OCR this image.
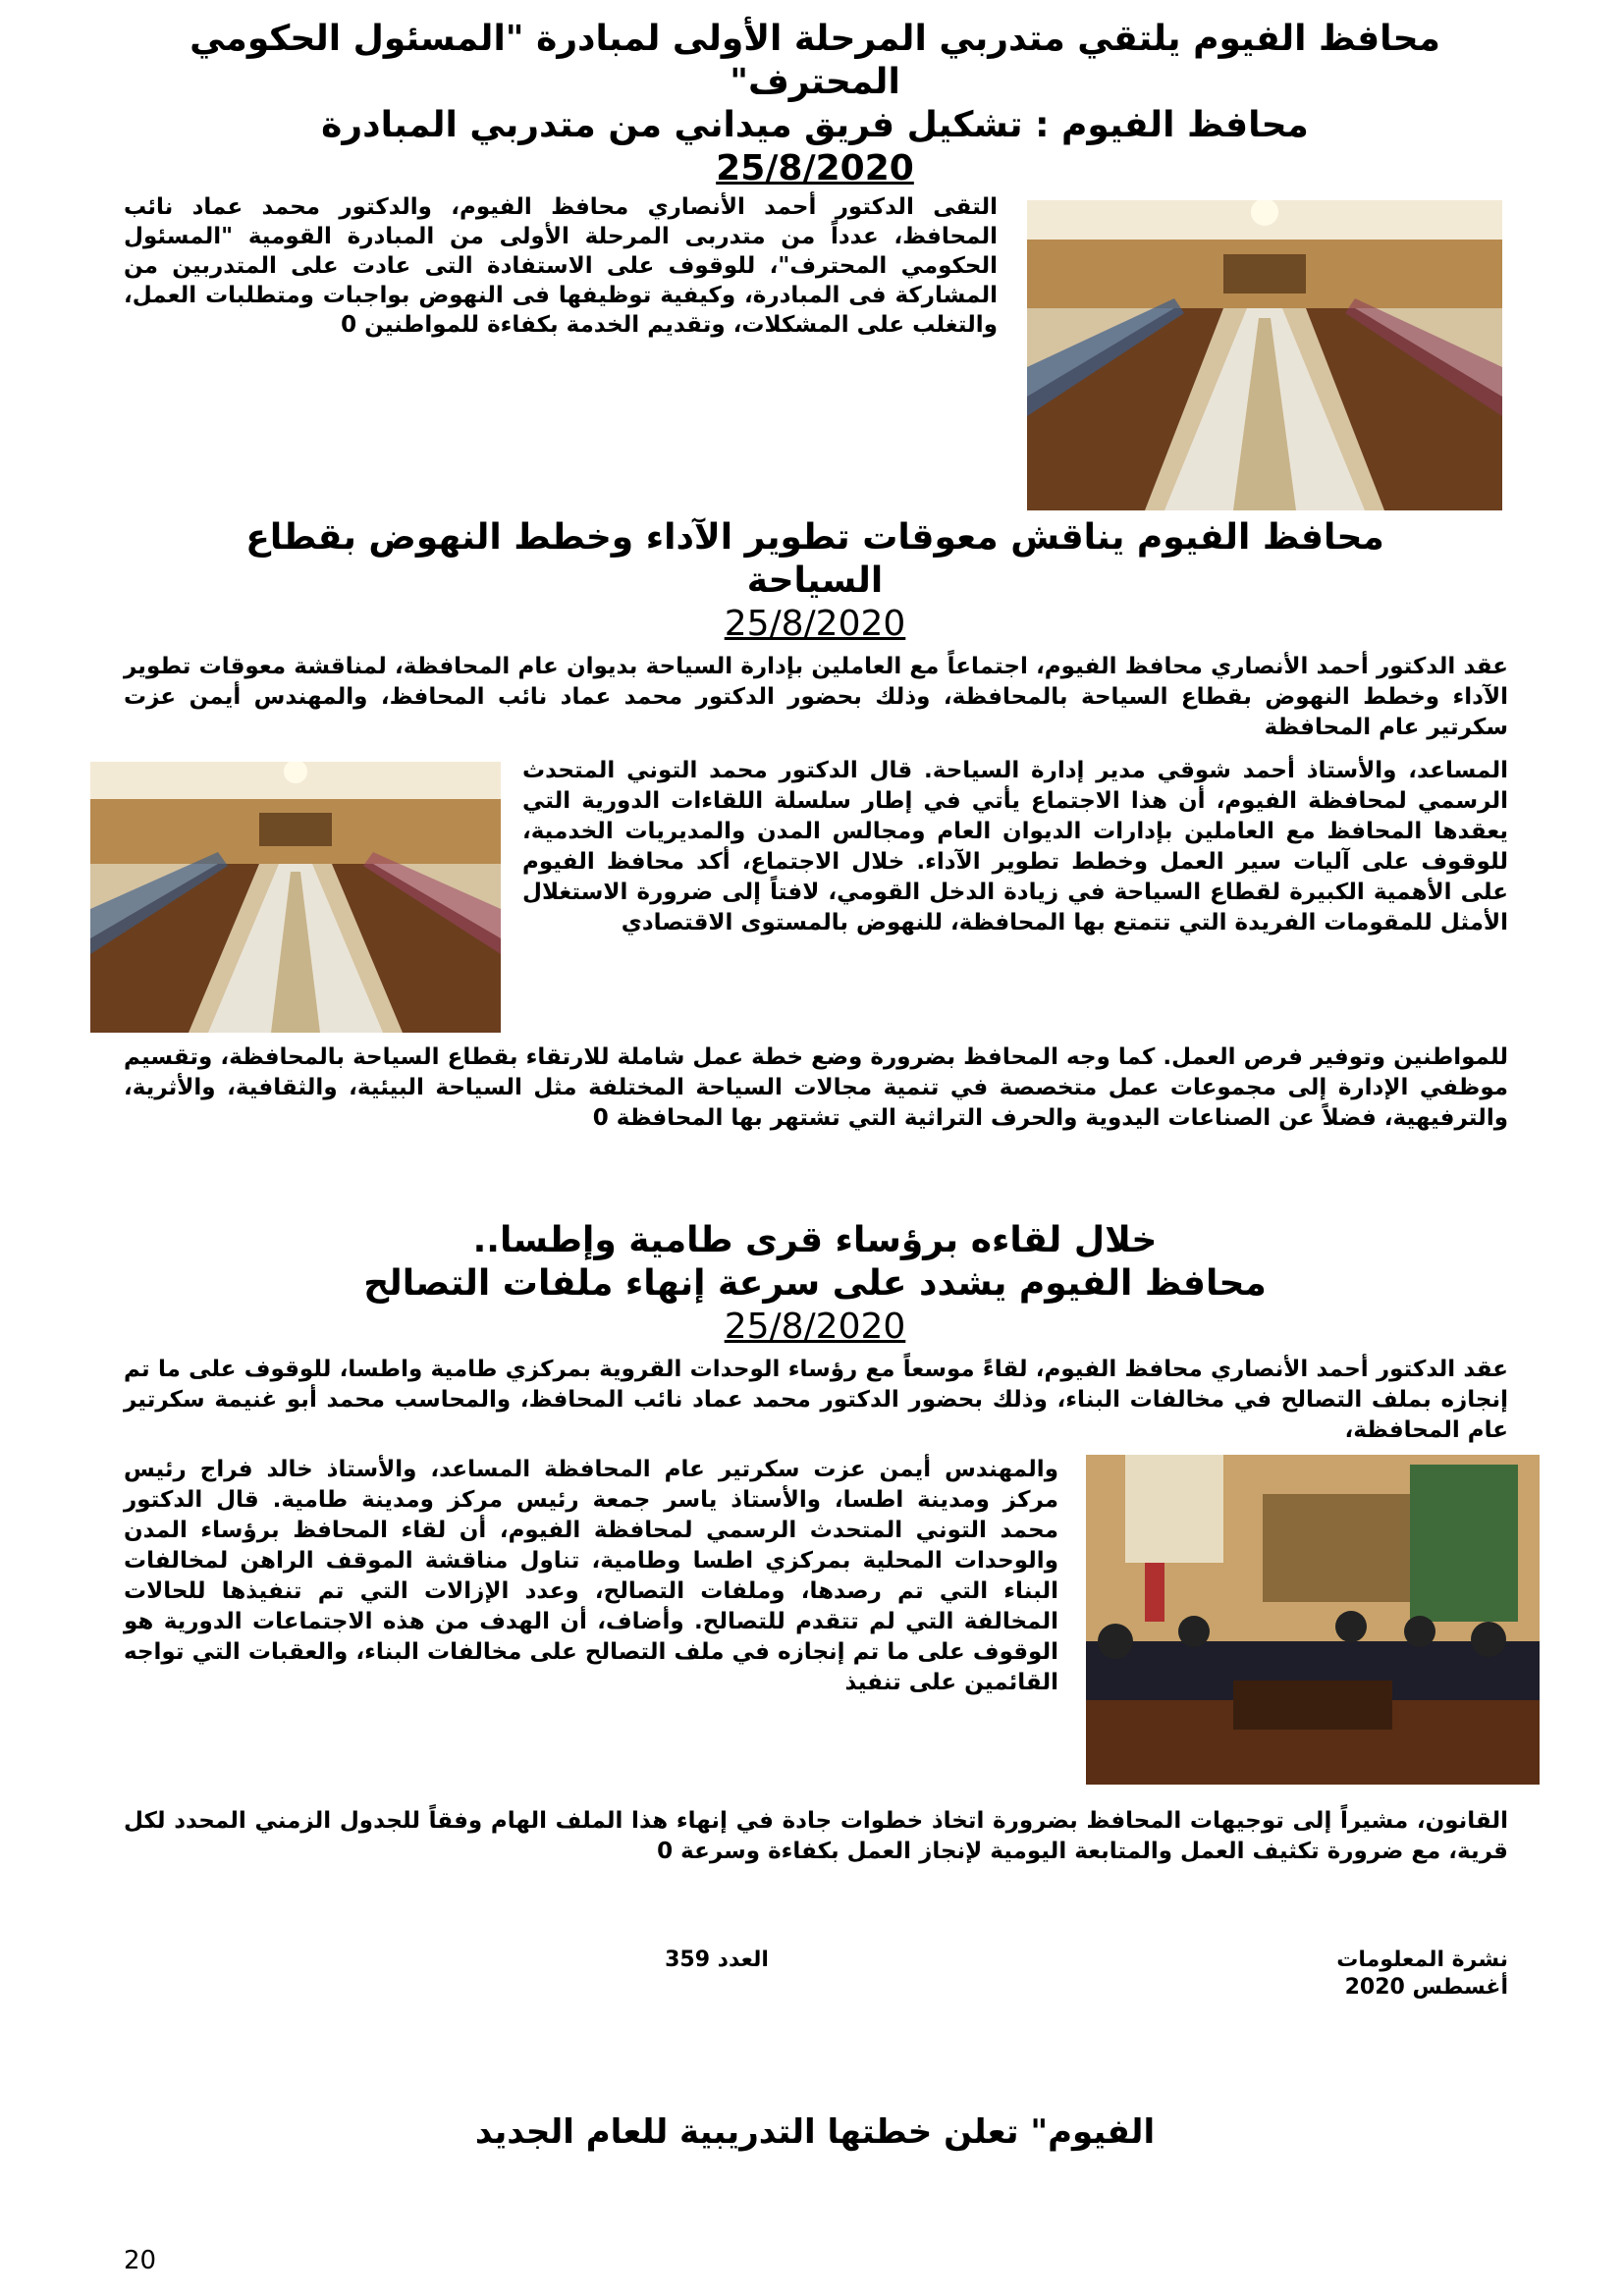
محافظ الفيوم يلتقي متدربي المرحلة الأولى لمبادرة "المسئول الحكومي المحترف"
محافظ الفيوم : تشكيل فريق ميداني من متدربي المبادرة
25/8/2020

التقى الدكتور أحمد الأنصاري محافظ الفيوم، والدكتور محمد عماد نائب المحافظ، عدداً من متدربى المرحلة الأولى من المبادرة القومية "المسئول الحكومي المحترف"، للوقوف على الاستفادة التى عادت على المتدربين من المشاركة فى المبادرة، وكيفية توظيفها فى النهوض بواجبات ومتطلبات العمل، والتغلب على المشكلات، وتقديم الخدمة بكفاءة للمواطنين 0

محافظ الفيوم يناقش معوقات تطوير الآداء وخطط النهوض بقطاع السياحة
25/8/2020

عقد الدكتور أحمد الأنصاري محافظ الفيوم، اجتماعاً مع العاملين بإدارة السياحة بديوان عام المحافظة، لمناقشة معوقات تطوير الآداء وخطط النهوض بقطاع السياحة بالمحافظة، وذلك بحضور الدكتور محمد عماد نائب المحافظ، والمهندس أيمن عزت سكرتير عام المحافظة

المساعد، والأستاذ أحمد شوقي مدير إدارة السياحة. قال الدكتور محمد التوني المتحدث الرسمي لمحافظة الفيوم، أن هذا الاجتماع يأتي في إطار سلسلة اللقاءات الدورية التي يعقدها المحافظ مع العاملين بإدارات الديوان العام ومجالس المدن والمديريات الخدمية، للوقوف على آليات سير العمل وخطط تطوير الآداء. خلال الاجتماع، أكد محافظ الفيوم على الأهمية الكبيرة لقطاع السياحة في زيادة الدخل القومي، لافتاً إلى ضرورة الاستغلال الأمثل للمقومات الفريدة التي تتمتع بها المحافظة، للنهوض بالمستوى الاقتصادي

للمواطنين وتوفير فرص العمل. كما وجه المحافظ بضرورة وضع خطة عمل شاملة للارتقاء بقطاع السياحة بالمحافظة، وتقسيم موظفي الإدارة إلى مجموعات عمل متخصصة في تنمية مجالات السياحة المختلفة مثل السياحة البيئية، والثقافية، والأثرية، والترفيهية، فضلاً عن الصناعات اليدوية والحرف التراثية التي تشتهر بها المحافظة 0

خلال لقاءه برؤساء قرى طامية وإطسا..
محافظ الفيوم يشدد على سرعة إنهاء ملفات التصالح
25/8/2020

عقد الدكتور أحمد الأنصاري محافظ الفيوم، لقاءً موسعاً مع رؤساء الوحدات القروية بمركزي طامية واطسا، للوقوف على ما تم إنجازه بملف التصالح في مخالفات البناء، وذلك بحضور الدكتور محمد عماد نائب المحافظ، والمحاسب محمد أبو غنيمة سكرتير عام المحافظة،

والمهندس أيمن عزت سكرتير عام المحافظة المساعد، والأستاذ خالد فراج رئيس مركز ومدينة اطسا، والأستاذ ياسر جمعة رئيس مركز ومدينة طامية. قال الدكتور محمد التوني المتحدث الرسمي لمحافظة الفيوم، أن لقاء المحافظ برؤساء المدن والوحدات المحلية بمركزي اطسا وطامية، تناول مناقشة الموقف الراهن لمخالفات البناء التي تم رصدها، وملفات التصالح، وعدد الإزالات التي تم تنفيذها للحالات المخالفة التي لم تتقدم للتصالح. وأضاف، أن الهدف من هذه الاجتماعات الدورية هو الوقوف على ما تم إنجازه في ملف التصالح على مخالفات البناء، والعقبات التي تواجه القائمين على تنفيذ

القانون، مشيراً إلى توجيهات المحافظ بضرورة اتخاذ خطوات جادة في إنهاء هذا الملف الهام وفقاً للجدول الزمني المحدد لكل قرية، مع ضرورة تكثيف العمل والمتابعة اليومية لإنجاز العمل بكفاءة وسرعة 0

نشرة المعلومات
أغسطس 2020
العدد 359
الفيوم" تعلن خطتها التدريبية للعام الجديد
20
